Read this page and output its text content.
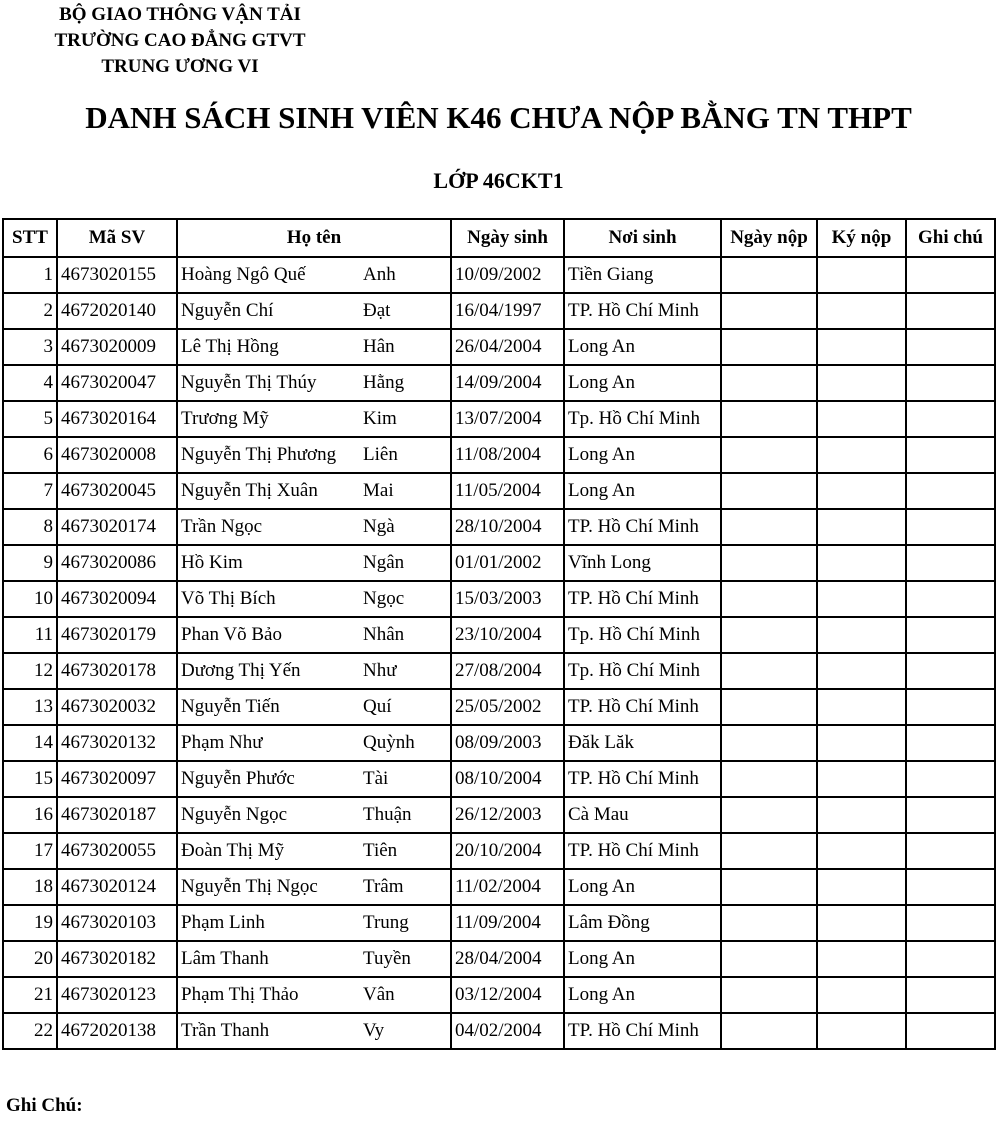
BỘ GIAO THÔNG VẬN TẢI
TRƯỜNG CAO ĐẲNG GTVT
TRUNG ƯƠNG VI
DANH SÁCH SINH VIÊN K46 CHƯA NỘP BẰNG TN THPT
LỚP 46CKT1
STT	Mã SV	Họ tên	Ngày sinh	Nơi sinh	Ngày nộp	Ký nộp	Ghi chú
1	4673020155	Hoàng Ngô Quế Anh	10/09/2002	Tiền Giang			
2	4672020140	Nguyễn Chí Đạt	16/04/1997	TP. Hồ Chí Minh			
3	4673020009	Lê Thị Hồng Hân	26/04/2004	Long An			
4	4673020047	Nguyễn Thị Thúy Hằng	14/09/2004	Long An			
5	4673020164	Trương Mỹ Kim	13/07/2004	Tp. Hồ Chí Minh			
6	4673020008	Nguyễn Thị Phương Liên	11/08/2004	Long An			
7	4673020045	Nguyễn Thị Xuân Mai	11/05/2004	Long An			
8	4673020174	Trần Ngọc Ngà	28/10/2004	TP. Hồ Chí Minh			
9	4673020086	Hồ Kim Ngân	01/01/2002	Vĩnh Long			
10	4673020094	Võ Thị Bích Ngọc	15/03/2003	TP. Hồ Chí Minh			
11	4673020179	Phan Võ Bảo Nhân	23/10/2004	Tp. Hồ Chí Minh			
12	4673020178	Dương Thị Yến Như	27/08/2004	Tp. Hồ Chí Minh			
13	4673020032	Nguyễn Tiến Quí	25/05/2002	TP. Hồ Chí Minh			
14	4673020132	Phạm Như Quỳnh	08/09/2003	Đăk Lăk			
15	4673020097	Nguyễn Phước Tài	08/10/2004	TP. Hồ Chí Minh			
16	4673020187	Nguyễn Ngọc Thuận	26/12/2003	Cà Mau			
17	4673020055	Đoàn Thị Mỹ Tiên	20/10/2004	TP. Hồ Chí Minh			
18	4673020124	Nguyễn Thị Ngọc Trâm	11/02/2004	Long An			
19	4673020103	Phạm Linh Trung	11/09/2004	Lâm Đồng			
20	4673020182	Lâm Thanh Tuyền	28/04/2004	Long An			
21	4673020123	Phạm Thị Thảo Vân	03/12/2004	Long An			
22	4672020138	Trần Thanh Vy	04/02/2004	TP. Hồ Chí Minh			
Ghi Chú:
